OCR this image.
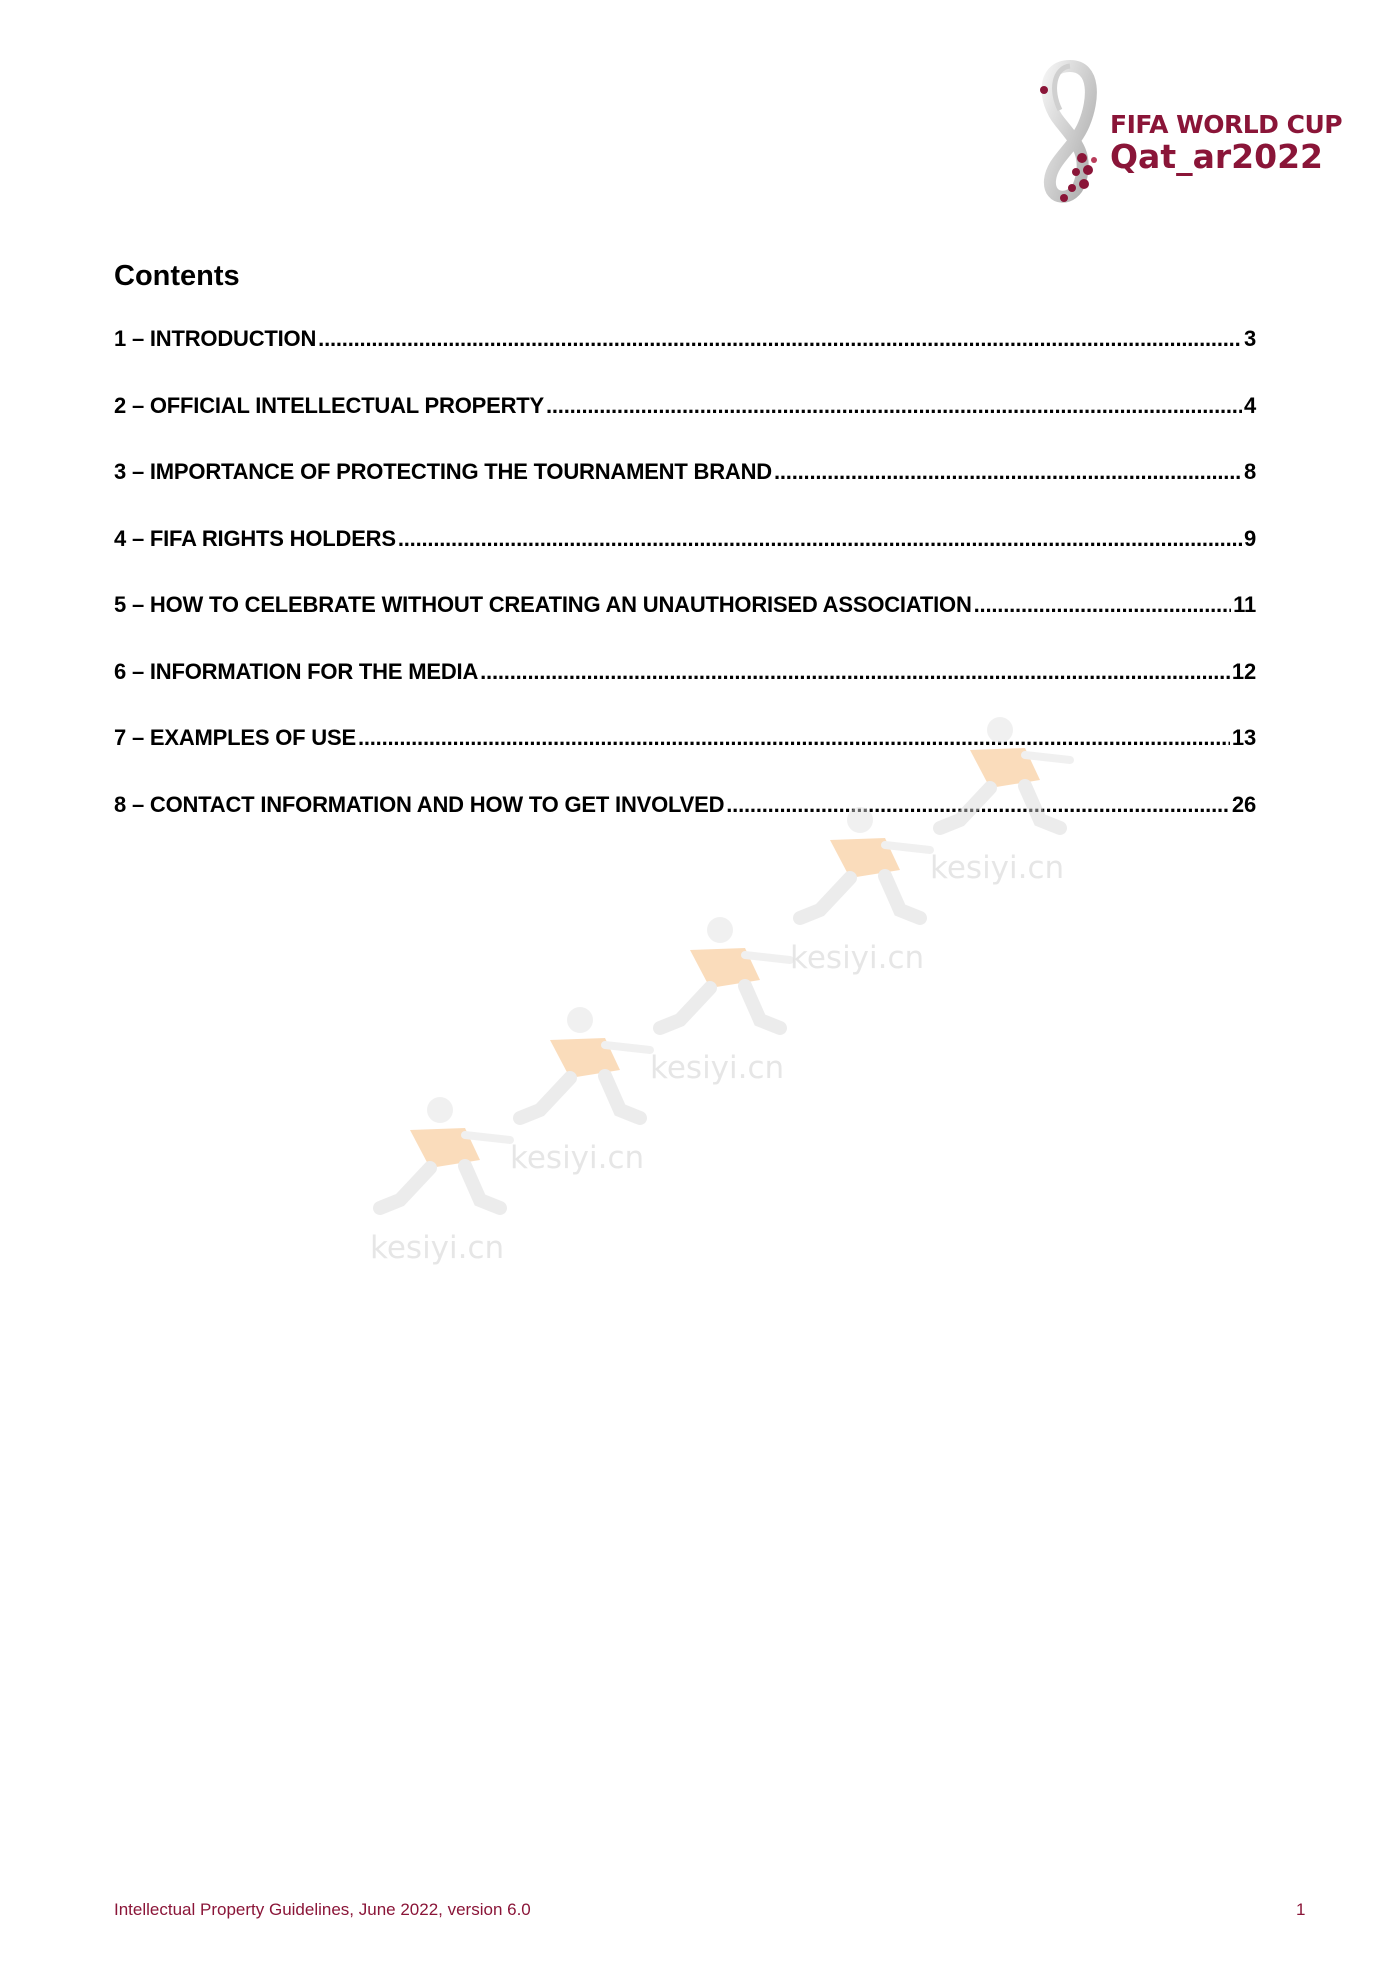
FIFA WORLD CUP
Qat_ar2022
Contents
1 – INTRODUCTION .....	3
2 – OFFICIAL INTELLECTUAL PROPERTY .....	4
3 – IMPORTANCE OF PROTECTING THE TOURNAMENT BRAND .....	8
4 – FIFA RIGHTS HOLDERS .....	9
5 – HOW TO CELEBRATE WITHOUT CREATING AN UNAUTHORISED ASSOCIATION .....	11
6 – INFORMATION FOR THE MEDIA .....	12
7 – EXAMPLES OF USE .....	13
8 – CONTACT INFORMATION AND HOW TO GET INVOLVED .....	26
kesiyi.cn
kesiyi.cn
kesiyi.cn
kesiyi.cn
kesiyi.cn
Intellectual Property Guidelines, June 2022, version 6.0	1
